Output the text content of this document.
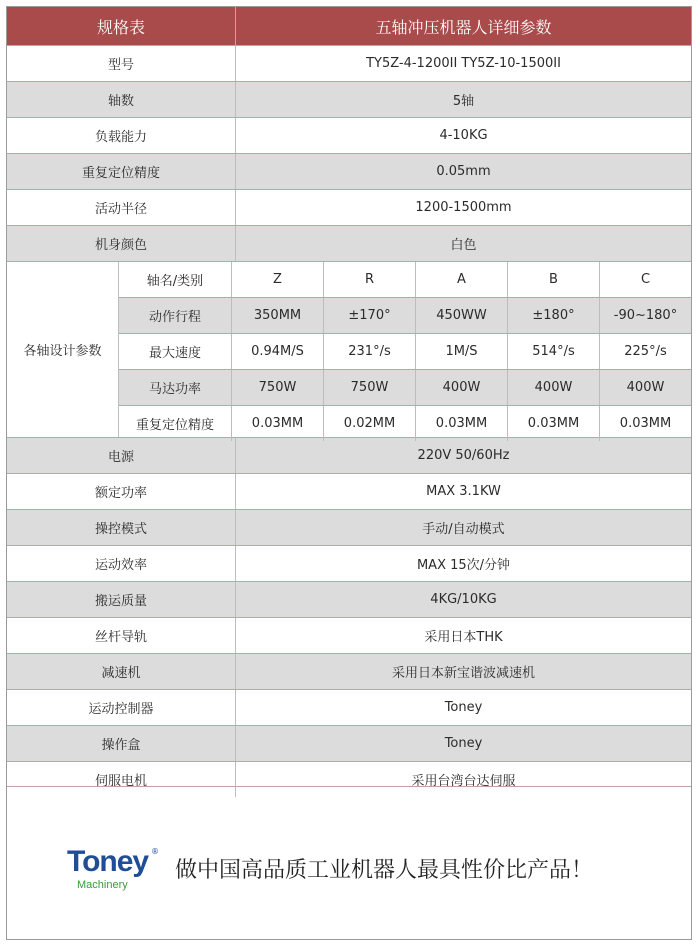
规格表	五轴冲压机器人详细参数
型号	TY5Z-4-1200II TY5Z-10-1500II
轴数	5轴
负载能力	4-10KG
重复定位精度	0.05mm
活动半径	1200-1500mm
机身颜色	白色
各轴设计参数
轴名/类别	Z	R	A	B	C
动作行程	350MM	±170°	450WW	±180°	-90~180°
最大速度	0.94M/S	231°/s	1M/S	514°/s	225°/s
马达功率	750W	750W	400W	400W	400W
重复定位精度	0.03MM	0.02MM	0.03MM	0.03MM	0.03MM
电源	220V 50/60Hz
额定功率	MAX 3.1KW
操控模式	手动/自动模式
运动效率	MAX 15次/分钟
搬运质量	4KG/10KG
丝杆导轨	采用日本THK
减速机	采用日本新宝谐波减速机
运动控制器	Toney
操作盒	Toney
伺服电机	采用台湾台达伺服
Toney ®
Machinery
做中国高品质工业机器人最具性价比产品！
